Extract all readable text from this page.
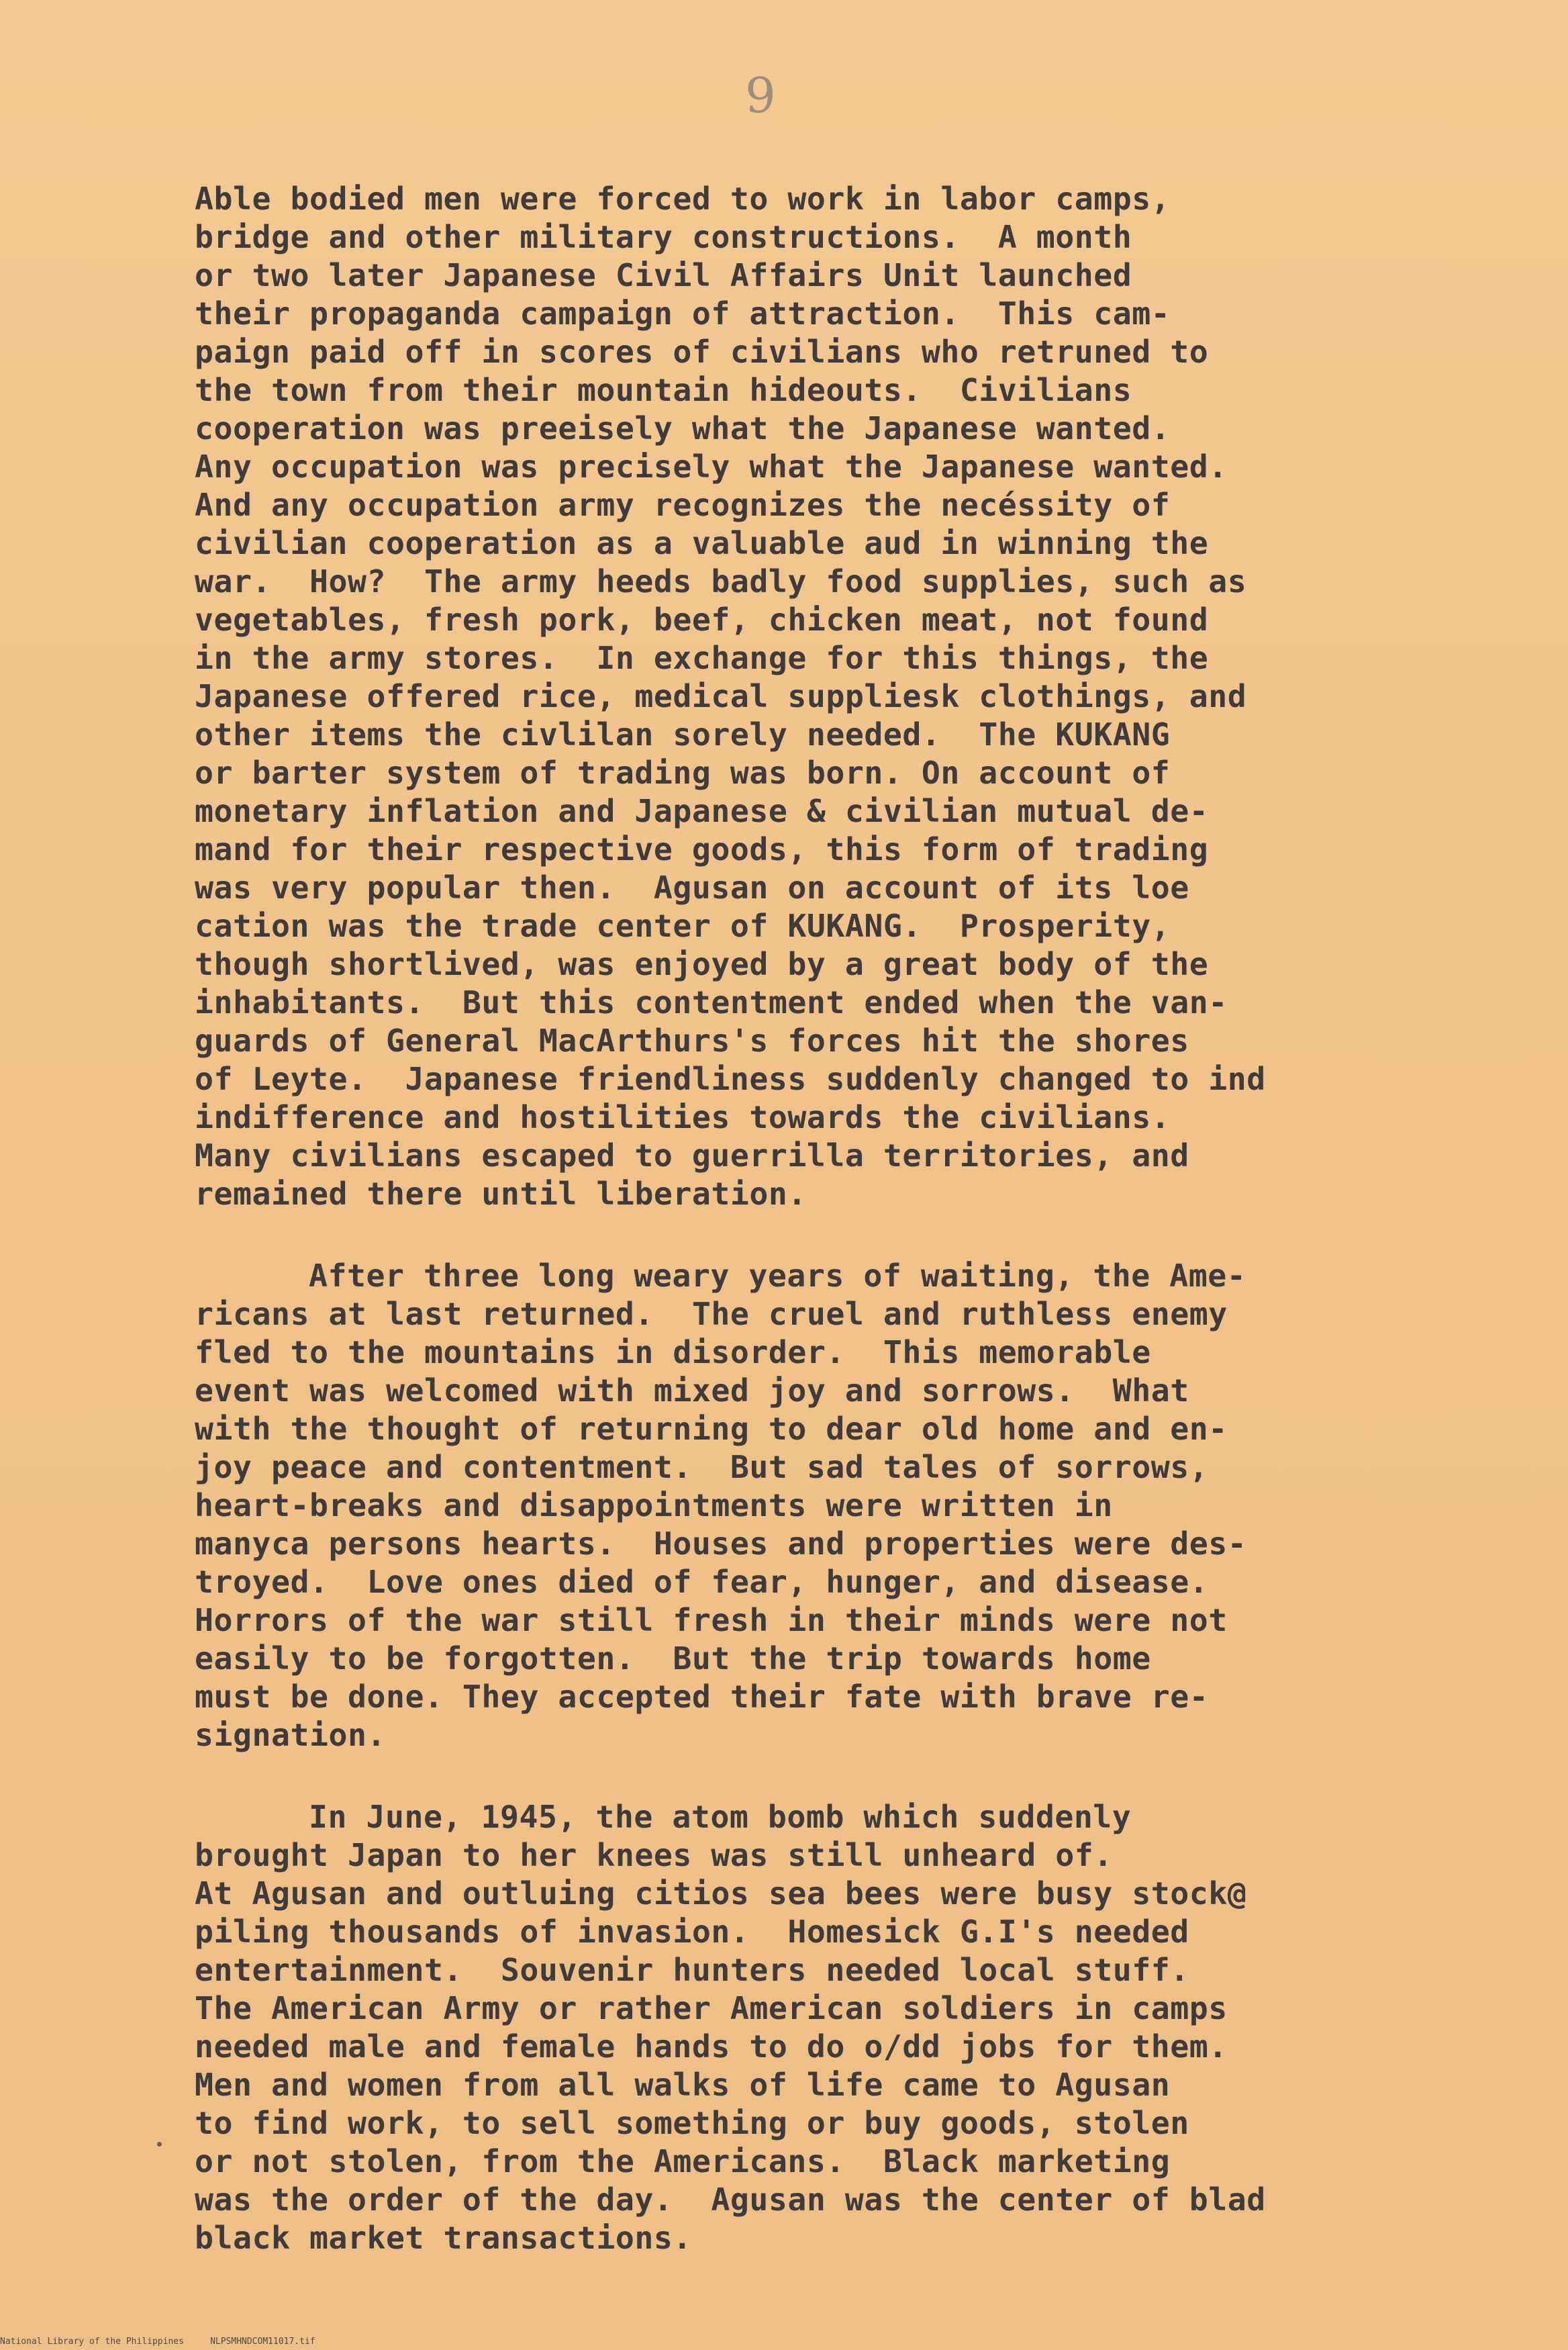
9
Able bodied men were forced to work in labor camps,
bridge and other military constructions.  A month
or two later Japanese Civil Affairs Unit launched
their propaganda campaign of attraction.  This cam-
paign paid off in scores of civilians who retruned to
the town from their mountain hideouts.  Civilians
cooperation was preeisely what the Japanese wanted.
Any occupation was precisely what the Japanese wanted.
And any occupation army recognizes the necéssity of
civilian cooperation as a valuable aud in winning the
war.  How?  The army heeds badly food supplies, such as
vegetables, fresh pork, beef, chicken meat, not found
in the army stores.  In exchange for this things, the
Japanese offered rice, medical suppliesk clothings, and
other items the civlilan sorely needed.  The KUKANG
or barter system of trading was born. On account of
monetary inflation and Japanese & civilian mutual de-
mand for their respective goods, this form of trading
was very popular then.  Agusan on account of its loe
cation was the trade center of KUKANG.  Prosperity,
though shortlived, was enjoyed by a great body of the
inhabitants.  But this contentment ended when the van-
guards of General MacArthurs's forces hit the shores
of Leyte.  Japanese friendliness suddenly changed to ind
indifference and hostilities towards the civilians.
Many civilians escaped to guerrilla territories, and
remained there until liberation.
After three long weary years of waiting, the Ame-
ricans at last returned.  The cruel and ruthless enemy
fled to the mountains in disorder.  This memorable
event was welcomed with mixed joy and sorrows.  What
with the thought of returning to dear old home and en-
joy peace and contentment.  But sad tales of sorrows,
heart-breaks and disappointments were written in
manyca persons hearts.  Houses and properties were des-
troyed.  Love ones died of fear, hunger, and disease.
Horrors of the war still fresh in their minds were not
easily to be forgotten.  But the trip towards home
must be done. They accepted their fate with brave re-
signation.
In June, 1945, the atom bomb which suddenly
brought Japan to her knees was still unheard of.
At Agusan and outluing citios sea bees were busy stock@
piling thousands of invasion.  Homesick G.I's needed
entertainment.  Souvenir hunters needed local stuff.
The American Army or rather American soldiers in camps
needed male and female hands to do o/dd jobs for them.
Men and women from all walks of life came to Agusan
to find work, to sell something or buy goods, stolen
or not stolen, from the Americans.  Black marketing
was the order of the day.  Agusan was the center of blad
black market transactions.
National Library of the Philippines     NLPSMHNDCOM11017.tif
